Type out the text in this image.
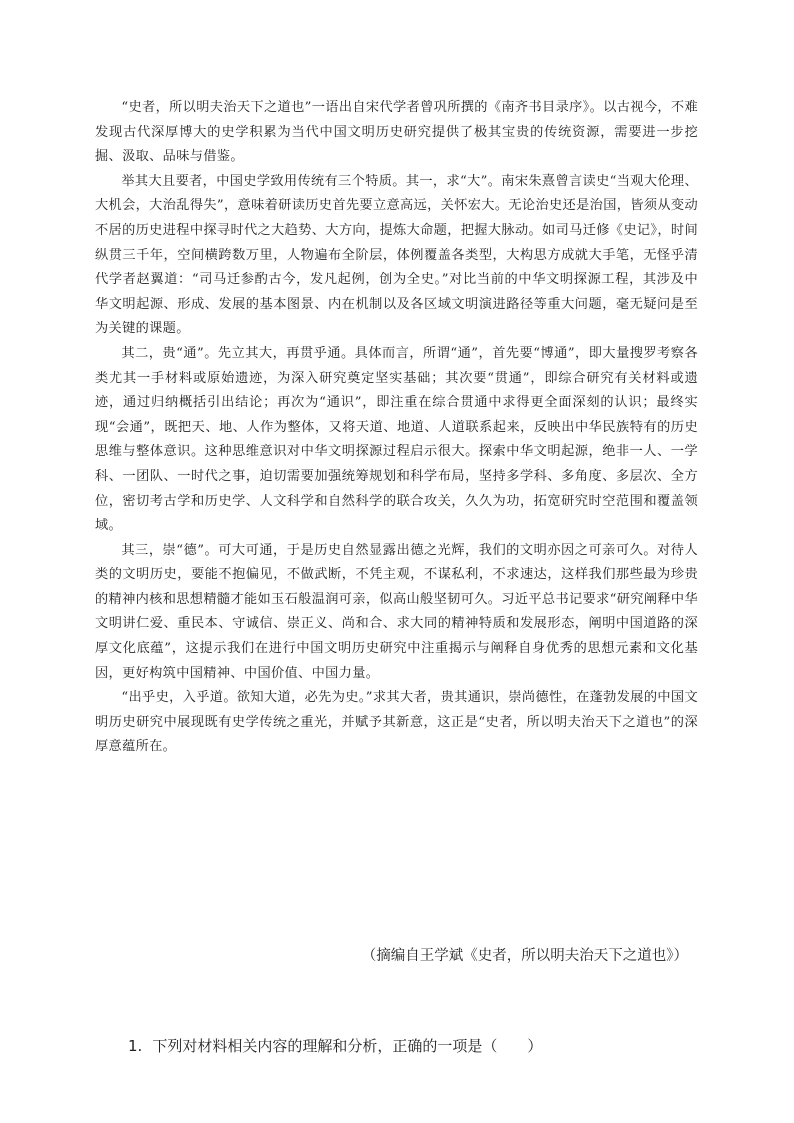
“史者，所以明夫治天下之道也”一语出自宋代学者曾巩所撰的《南齐书目录序》。以古视今，不难发现古代深厚博大的史学积累为当代中国文明历史研究提供了极其宝贵的传统资源，需要进一步挖掘、汲取、品味与借鉴。

举其大且要者，中国史学致用传统有三个特质。其一，求“大”。南宋朱熹曾言读史“当观大伦理、大机会，大治乱得失”，意味着研读历史首先要立意高远，关怀宏大。无论治史还是治国，皆须从变动不居的历史进程中探寻时代之大趋势、大方向，提炼大命题，把握大脉动。如司马迁修《史记》，时间纵贯三千年，空间横跨数万里，人物遍布全阶层，体例覆盖各类型，大构思方成就大手笔，无怪乎清代学者赵翼道：“司马迁参酌古今，发凡起例，创为全史。”对比当前的中华文明探源工程，其涉及中华文明起源、形成、发展的基本图景、内在机制以及各区域文明演进路径等重大问题，毫无疑问是至为关键的课题。

其二，贵“通”。先立其大，再贯乎通。具体而言，所谓“通”，首先要“博通”，即大量搜罗考察各类尤其一手材料或原始遗迹，为深入研究奠定坚实基础；其次要“贯通”，即综合研究有关材料或遗迹，通过归纳概括引出结论；再次为“通识”，即注重在综合贯通中求得更全面深刻的认识；最终实现“会通”，既把天、地、人作为整体，又将天道、地道、人道联系起来，反映出中华民族特有的历史思维与整体意识。这种思维意识对中华文明探源过程启示很大。探索中华文明起源，绝非一人、一学科、一团队、一时代之事，迫切需要加强统筹规划和科学布局，坚持多学科、多角度、多层次、全方位，密切考古学和历史学、人文科学和自然科学的联合攻关，久久为功，拓宽研究时空范围和覆盖领域。

其三，崇“德”。可大可通，于是历史自然显露出德之光辉，我们的文明亦因之可亲可久。对待人类的文明历史，要能不抱偏见，不做武断，不凭主观，不谋私利，不求速达，这样我们那些最为珍贵的精神内核和思想精髓才能如玉石般温润可亲，似高山般坚韧可久。习近平总书记要求“研究阐释中华文明讲仁爱、重民本、守诚信、崇正义、尚和合、求大同的精神特质和发展形态，阐明中国道路的深厚文化底蕴”，这提示我们在进行中国文明历史研究中注重揭示与阐释自身优秀的思想元素和文化基因，更好构筑中国精神、中国价值、中国力量。

“出乎史，入乎道。欲知大道，必先为史。”求其大者，贵其通识，崇尚德性，在蓬勃发展的中国文明历史研究中展现既有史学传统之重光，并赋予其新意，这正是“史者，所以明夫治天下之道也”的深厚意蕴所在。

（摘编自王学斌《史者，所以明夫治天下之道也》）
1. 下列对材料相关内容的理解和分析，正确的一项是（　　）
